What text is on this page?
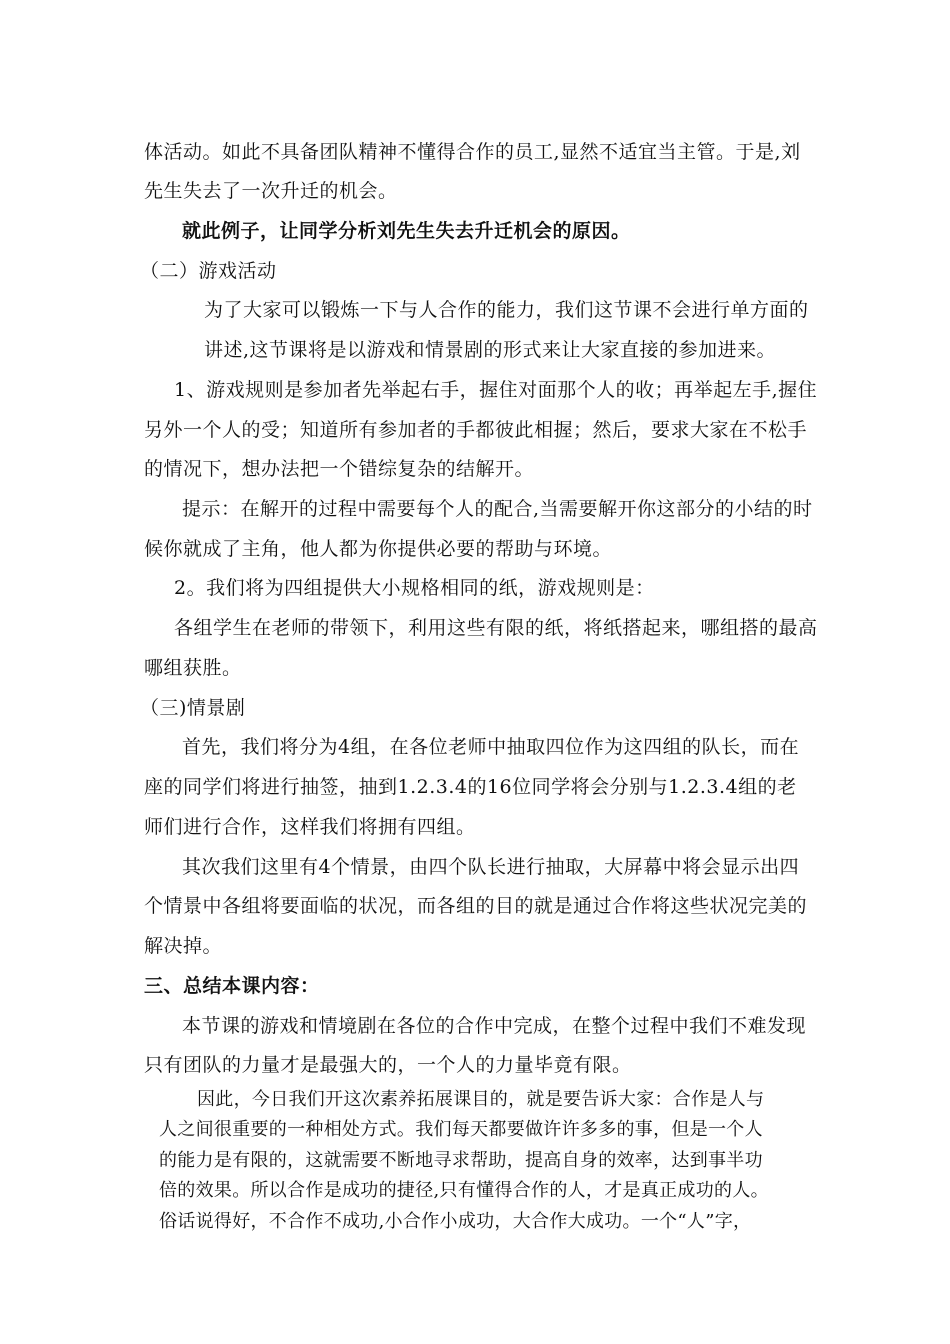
体活动。如此不具备团队精神不懂得合作的员工,显然不适宜当主管。于是,刘
先生失去了一次升迁的机会。
就此例子，让同学分析刘先生失去升迁机会的原因。
（二）游戏活动
为了大家可以锻炼一下与人合作的能力，我们这节课不会进行单方面的
讲述,这节课将是以游戏和情景剧的形式来让大家直接的参加进来。
1、游戏规则是参加者先举起右手，握住对面那个人的收；再举起左手,握住
另外一个人的受；知道所有参加者的手都彼此相握；然后，要求大家在不松手
的情况下，想办法把一个错综复杂的结解开。
提示：在解开的过程中需要每个人的配合,当需要解开你这部分的小结的时
候你就成了主角，他人都为你提供必要的帮助与环境。
2。我们将为四组提供大小规格相同的纸，游戏规则是：
各组学生在老师的带领下，利用这些有限的纸，将纸搭起来，哪组搭的最高
哪组获胜。
（三)情景剧
首先，我们将分为4组，在各位老师中抽取四位作为这四组的队长，而在
座的同学们将进行抽签，抽到1.2.3.4的16位同学将会分别与1.2.3.4组的老
师们进行合作，这样我们将拥有四组。
其次我们这里有4个情景，由四个队长进行抽取，大屏幕中将会显示出四
个情景中各组将要面临的状况，而各组的目的就是通过合作将这些状况完美的
解决掉。
三、总结本课内容：
本节课的游戏和情境剧在各位的合作中完成，在整个过程中我们不难发现
只有团队的力量才是最强大的，一个人的力量毕竟有限。
因此，今日我们开这次素养拓展课目的，就是要告诉大家：合作是人与
人之间很重要的一种相处方式。我们每天都要做许许多多的事，但是一个人
的能力是有限的，这就需要不断地寻求帮助，提高自身的效率，达到事半功
倍的效果。所以合作是成功的捷径,只有懂得合作的人，才是真正成功的人。
俗话说得好，不合作不成功,小合作小成功，大合作大成功。一个“人”字，
